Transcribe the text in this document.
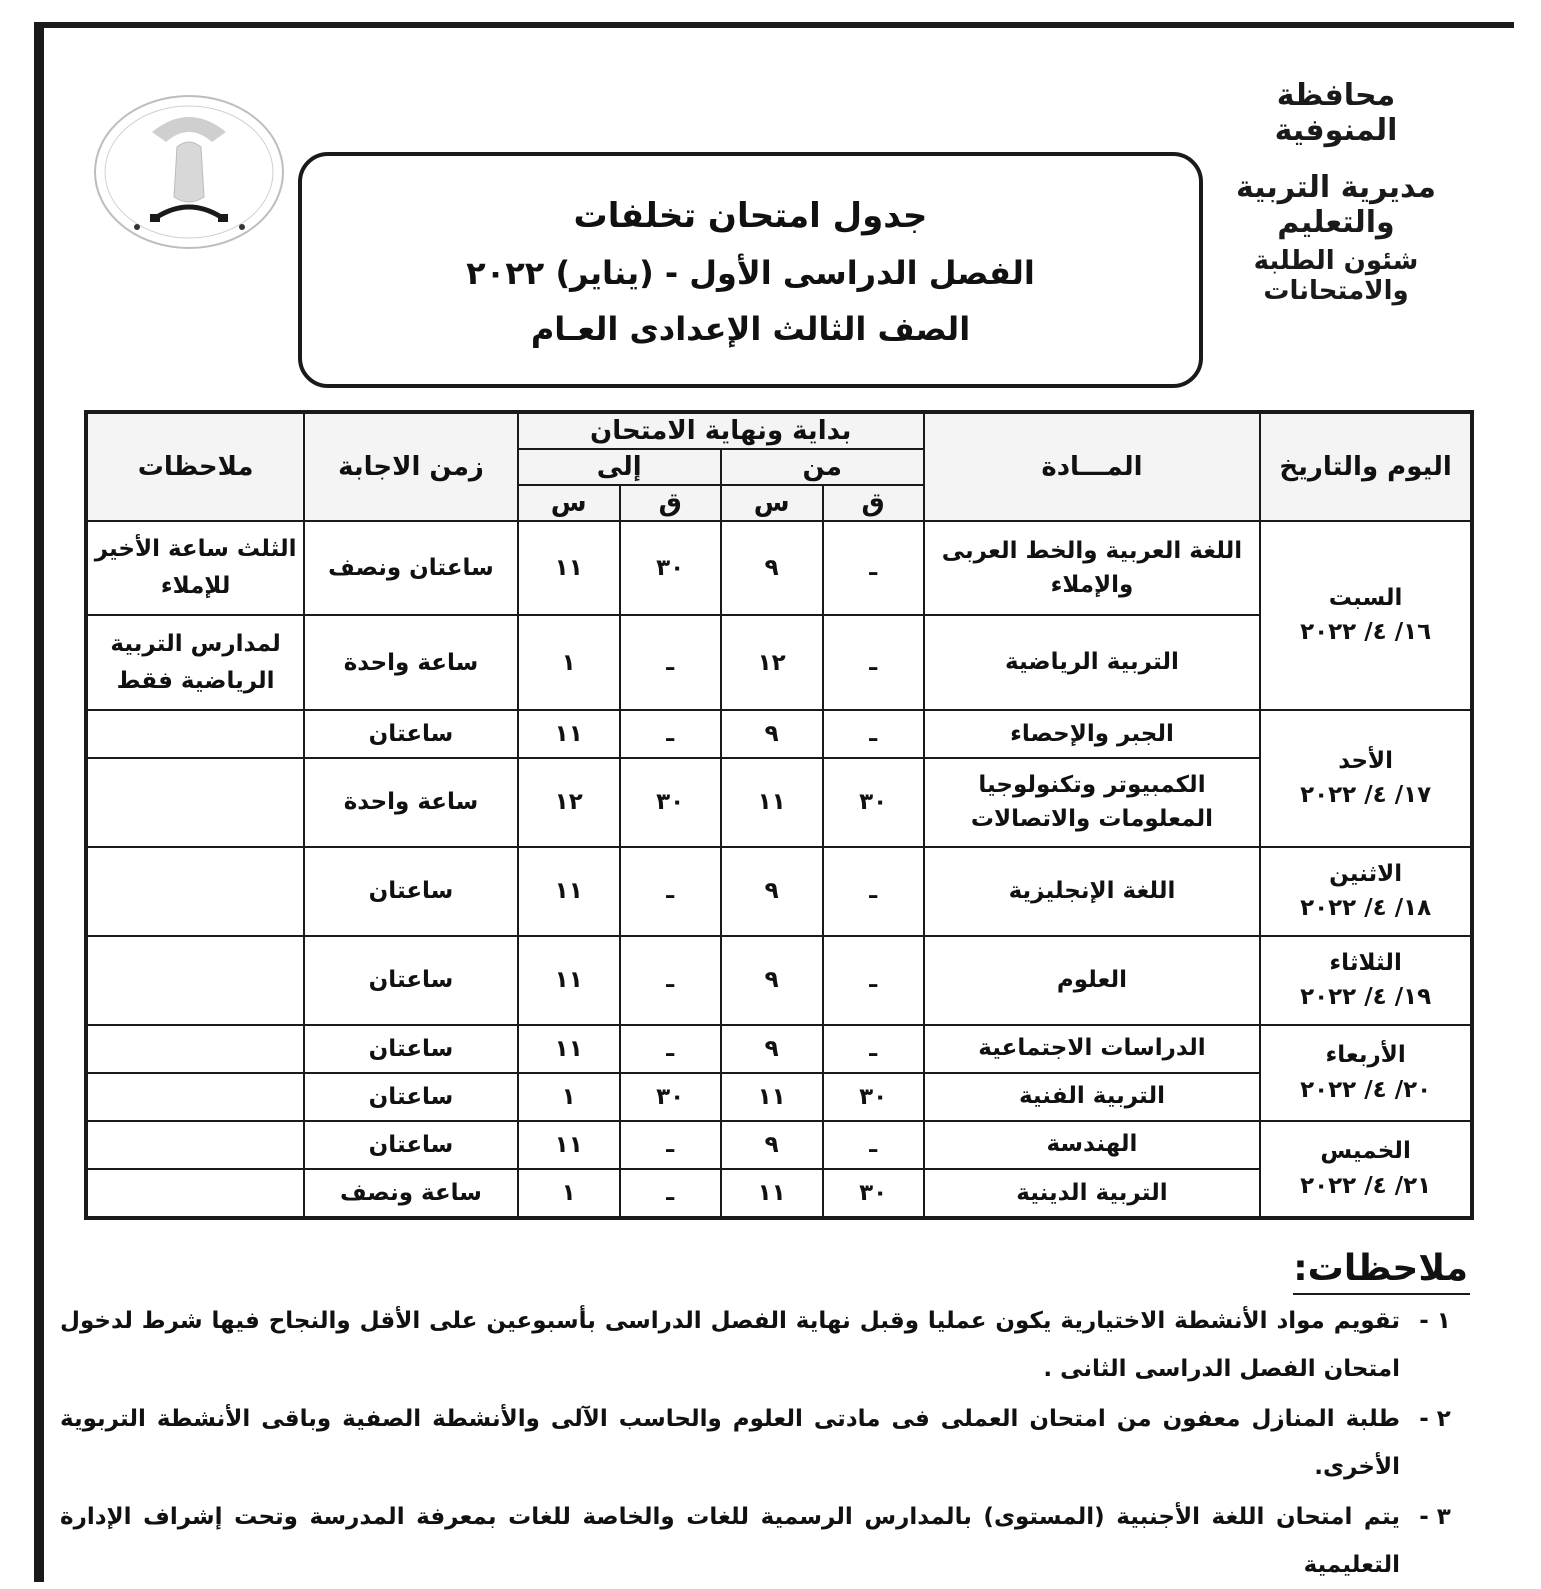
محافظة المنوفية
مديرية التربية والتعليم
شئون الطلبة والامتحانات
جدول امتحان تخلفات
الفصل الدراسى الأول - (يناير) ٢٠٢٢
الصف الثالث الإعدادى العـام
اليوم والتاريخ	المـــادة	بداية ونهاية الامتحان				زمن الاجابة	ملاحظات
		من		إلى			
		ق	س	ق	س		

السبت
١٦/ ٤/ ٢٠٢٢	اللغة العربية والخط العربى والإملاء	ـ	٩	٣٠	١١	ساعتان ونصف	الثلث ساعة الأخير للإملاء
	التربية الرياضية	ـ	١٢	ـ	١	ساعة واحدة	لمدارس التربية الرياضية فقط

الأحد
١٧/ ٤/ ٢٠٢٢	الجبر والإحصاء	ـ	٩	ـ	١١	ساعتان	
	الكمبيوتر وتكنولوجيا المعلومات والاتصالات	٣٠	١١	٣٠	١٢	ساعة واحدة	

الاثنين
١٨/ ٤/ ٢٠٢٢	اللغة الإنجليزية	ـ	٩	ـ	١١	ساعتان	

الثلاثاء
١٩/ ٤/ ٢٠٢٢	العلوم	ـ	٩	ـ	١١	ساعتان	

الأربعاء
٢٠/ ٤/ ٢٠٢٢	الدراسات الاجتماعية	ـ	٩	ـ	١١	ساعتان	
	التربية الفنية	٣٠	١١	٣٠	١	ساعتان	

الخميس
٢١/ ٤/ ٢٠٢٢	الهندسة	ـ	٩	ـ	١١	ساعتان	
	التربية الدينية	٣٠	١١	ـ	١	ساعة ونصف	
ملاحظات:
١ -
تقويم مواد الأنشطة الاختيارية يكون عمليا وقبل نهاية الفصل الدراسى بأسبوعين على الأقل والنجاح فيها شرط لدخول امتحان الفصل الدراسى الثانى .
٢ -
طلبة المنازل معفون من امتحان العملى فى مادتى العلوم والحاسب الآلى والأنشطة الصفية وباقى الأنشطة التربوية الأخرى.
٣ -
يتم امتحان اللغة الأجنبية (المستوى) بالمدارس الرسمية للغات والخاصة للغات بمعرفة المدرسة وتحت إشراف الإدارة التعليمية
